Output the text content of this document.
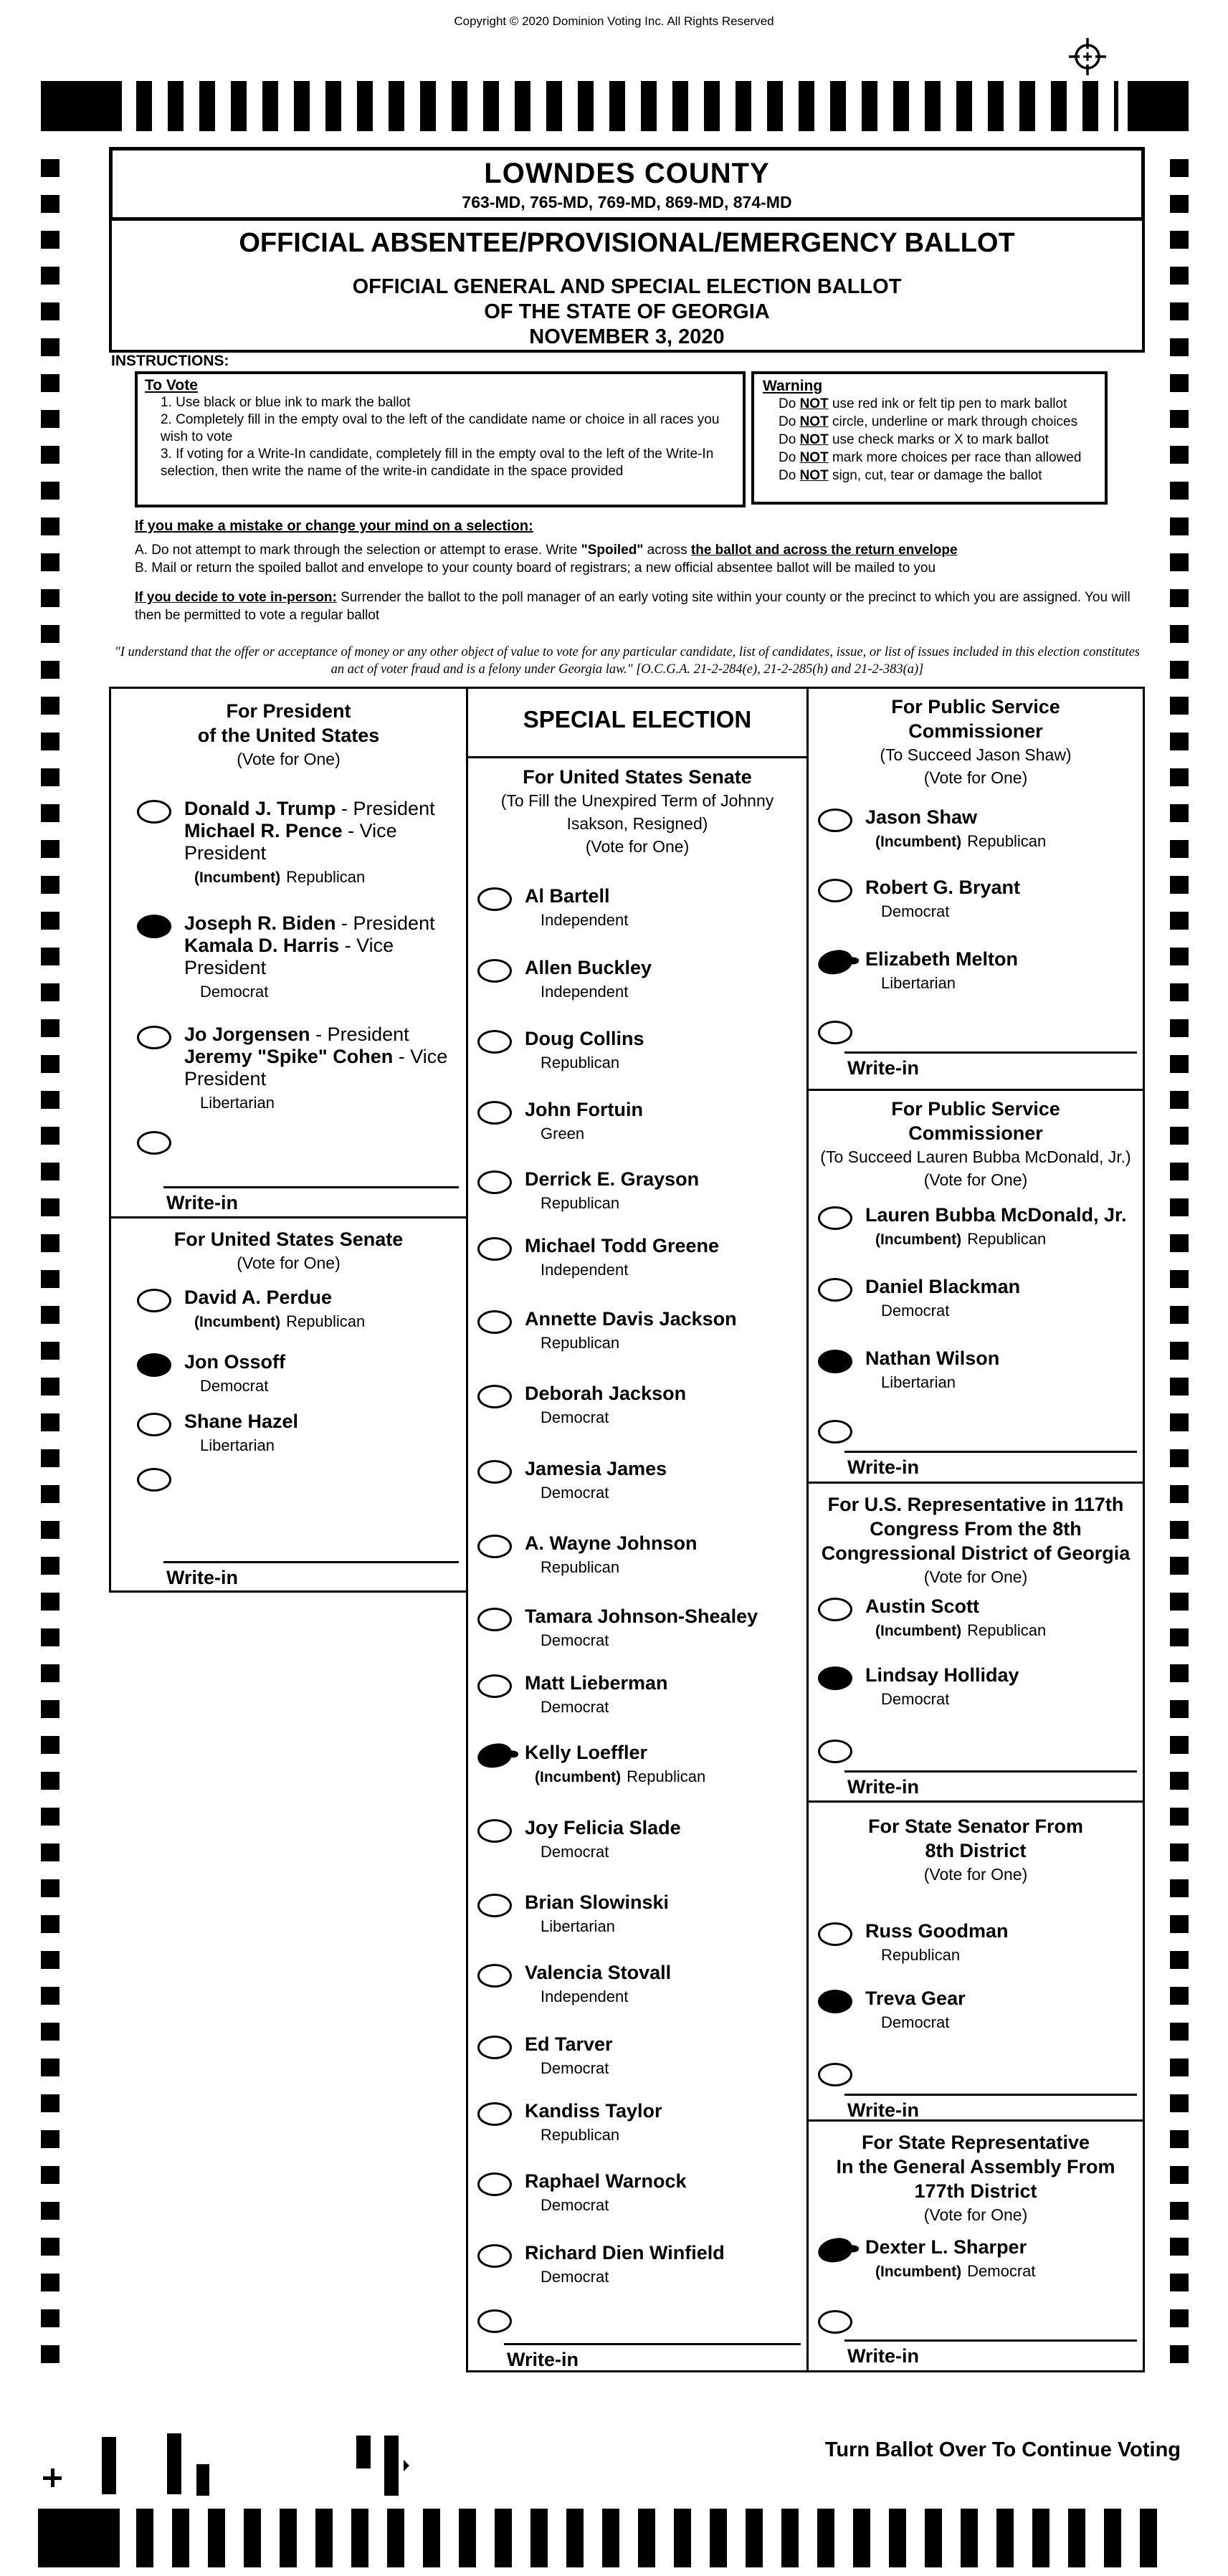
Copyright © 2020 Dominion Voting Inc. All Rights Reserved
LOWNDES COUNTY
763-MD, 765-MD, 769-MD, 869-MD, 874-MD
OFFICIAL ABSENTEE/PROVISIONAL/EMERGENCY BALLOT
OFFICIAL GENERAL AND SPECIAL ELECTION BALLOT
OF THE STATE OF GEORGIA
NOVEMBER 3, 2020
INSTRUCTIONS:
To Vote
1. Use black or blue ink to mark the ballot
2. Completely fill in the empty oval to the left of the candidate name or choice in all races you wish to vote
3. If voting for a Write-In candidate, completely fill in the empty oval to the left of the Write-In selection, then write the name of the write-in candidate in the space provided
Warning
Do NOT use red ink or felt tip pen to mark ballot
Do NOT circle, underline or mark through choices
Do NOT use check marks or X to mark ballot
Do NOT mark more choices per race than allowed
Do NOT sign, cut, tear or damage the ballot
If you make a mistake or change your mind on a selection:
A. Do not attempt to mark through the selection or attempt to erase. Write "Spoiled" across the ballot and across the return envelope
B. Mail or return the spoiled ballot and envelope to your county board of registrars; a new official absentee ballot will be mailed to you
If you decide to vote in-person: Surrender the ballot to the poll manager of an early voting site within your county or the precinct to which you are assigned. You will then be permitted to vote a regular ballot
"I understand that the offer or acceptance of money or any other object of value to vote for any particular candidate, list of candidates, issue, or list of issues included in this election constitutes an act of voter fraud and is a felony under Georgia law." [O.C.G.A. 21-2-284(e), 21-2-285(h) and 21-2-383(a)]
For President
of the United States
(Vote for One)
Donald J. Trump - President
Michael R. Pence - Vice President
(Incumbent) Republican
Joseph R. Biden - President
Kamala D. Harris - Vice President
Democrat
Jo Jorgensen - President
Jeremy "Spike" Cohen - Vice President
Libertarian
Write-in
For United States Senate
(Vote for One)
David A. Perdue
(Incumbent) Republican
Jon Ossoff
Democrat
Shane Hazel
Libertarian
Write-in
SPECIAL ELECTION
For United States Senate
(To Fill the Unexpired Term of Johnny Isakson, Resigned)
(Vote for One)
Al Bartell
Independent
Allen Buckley
Independent
Doug Collins
Republican
John Fortuin
Green
Derrick E. Grayson
Republican
Michael Todd Greene
Independent
Annette Davis Jackson
Republican
Deborah Jackson
Democrat
Jamesia James
Democrat
A. Wayne Johnson
Republican
Tamara Johnson-Shealey
Democrat
Matt Lieberman
Democrat
Kelly Loeffler
(Incumbent) Republican
Joy Felicia Slade
Democrat
Brian Slowinski
Libertarian
Valencia Stovall
Independent
Ed Tarver
Democrat
Kandiss Taylor
Republican
Raphael Warnock
Democrat
Richard Dien Winfield
Democrat
Write-in
For Public Service
Commissioner
(To Succeed Jason Shaw)
(Vote for One)
Jason Shaw
(Incumbent) Republican
Robert G. Bryant
Democrat
Elizabeth Melton
Libertarian
Write-in
For Public Service
Commissioner
(To Succeed Lauren Bubba McDonald, Jr.)
(Vote for One)
Lauren Bubba McDonald, Jr.
(Incumbent) Republican
Daniel Blackman
Democrat
Nathan Wilson
Libertarian
Write-in
For U.S. Representative in 117th
Congress From the 8th
Congressional District of Georgia
(Vote for One)
Austin Scott
(Incumbent) Republican
Lindsay Holliday
Democrat
Write-in
For State Senator From
8th District
(Vote for One)
Russ Goodman
Republican
Treva Gear
Democrat
Write-in
For State Representative
In the General Assembly From
177th District
(Vote for One)
Dexter L. Sharper
(Incumbent) Democrat
Write-in
Turn Ballot Over To Continue Voting
